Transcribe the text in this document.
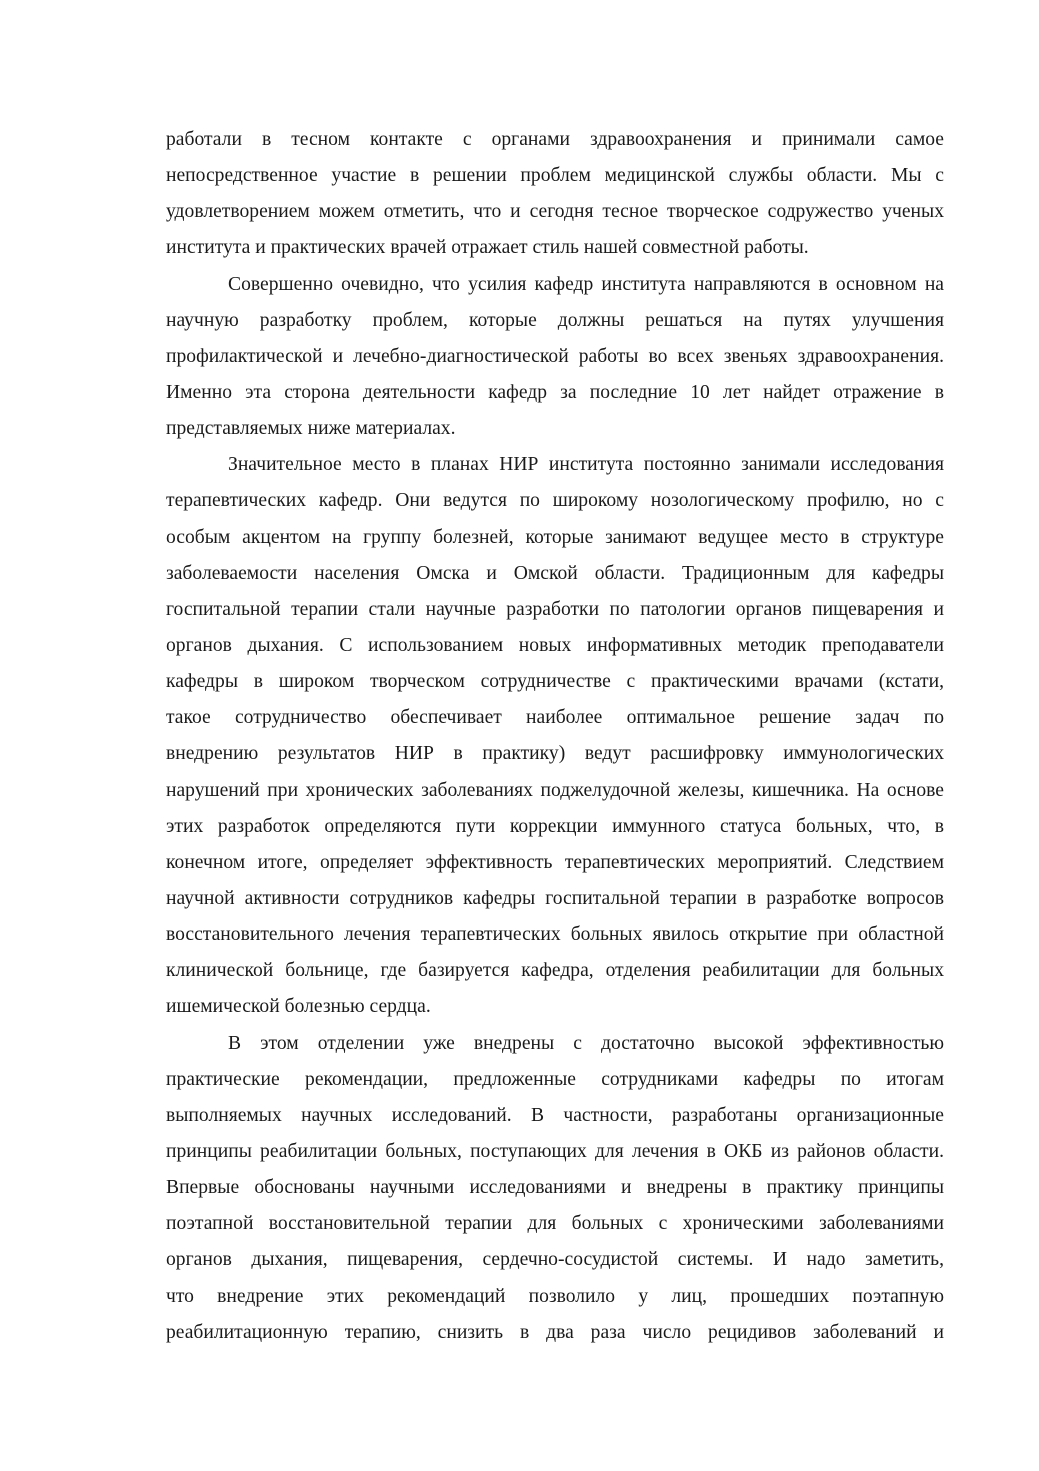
работали в тесном контакте с органами здравоохранения и принимали самое
непосредственное участие в решении проблем медицинской службы области. Мы с
удовлетворением можем отметить, что и сегодня тесное творческое содружество ученых
института и практических врачей отражает стиль нашей совместной работы.
Совершенно очевидно, что усилия кафедр института направляются в основном на
научную разработку проблем, которые должны решаться на путях улучшения
профилактической и лечебно-диагностической работы во всех звеньях здравоохранения.
Именно эта сторона деятельности кафедр за последние 10 лет найдет отражение в
представляемых ниже материалах.
Значительное место в планах НИР института постоянно занимали исследования
терапевтических кафедр. Они ведутся по широкому нозологическому профилю, но с
особым акцентом на группу болезней, которые занимают ведущее место в структуре
заболеваемости населения Омска и Омской области. Традиционным для кафедры
госпитальной терапии стали научные разработки по патологии органов пищеварения и
органов дыхания. С использованием новых информативных методик преподаватели
кафедры в широком творческом сотрудничестве с практическими врачами (кстати,
такое сотрудничество обеспечивает наиболее оптимальное решение задач по
внедрению результатов НИР в практику) ведут расшифровку иммунологических
нарушений при хронических заболеваниях поджелудочной железы, кишечника. На основе
этих разработок определяются пути коррекции иммунного статуса больных, что, в
конечном итоге, определяет эффективность терапевтических мероприятий. Следствием
научной активности сотрудников кафедры госпитальной терапии в разработке вопросов
восстановительного лечения терапевтических больных явилось открытие при областной
клинической больнице, где базируется кафедра, отделения реабилитации для больных
ишемической болезнью сердца.
В этом отделении уже внедрены с достаточно высокой эффективностью
практические рекомендации, предложенные сотрудниками кафедры по итогам
выполняемых научных исследований. В частности, разработаны организационные
принципы реабилитации больных, поступающих для лечения в ОКБ из районов области.
Впервые обоснованы научными исследованиями и внедрены в практику принципы
поэтапной восстановительной терапии для больных с хроническими заболеваниями
органов дыхания, пищеварения, сердечно-сосудистой системы. И надо заметить,
что внедрение этих рекомендаций позволило у лиц, прошедших поэтапную
реабилитационную терапию, снизить в два раза число рецидивов заболеваний и
